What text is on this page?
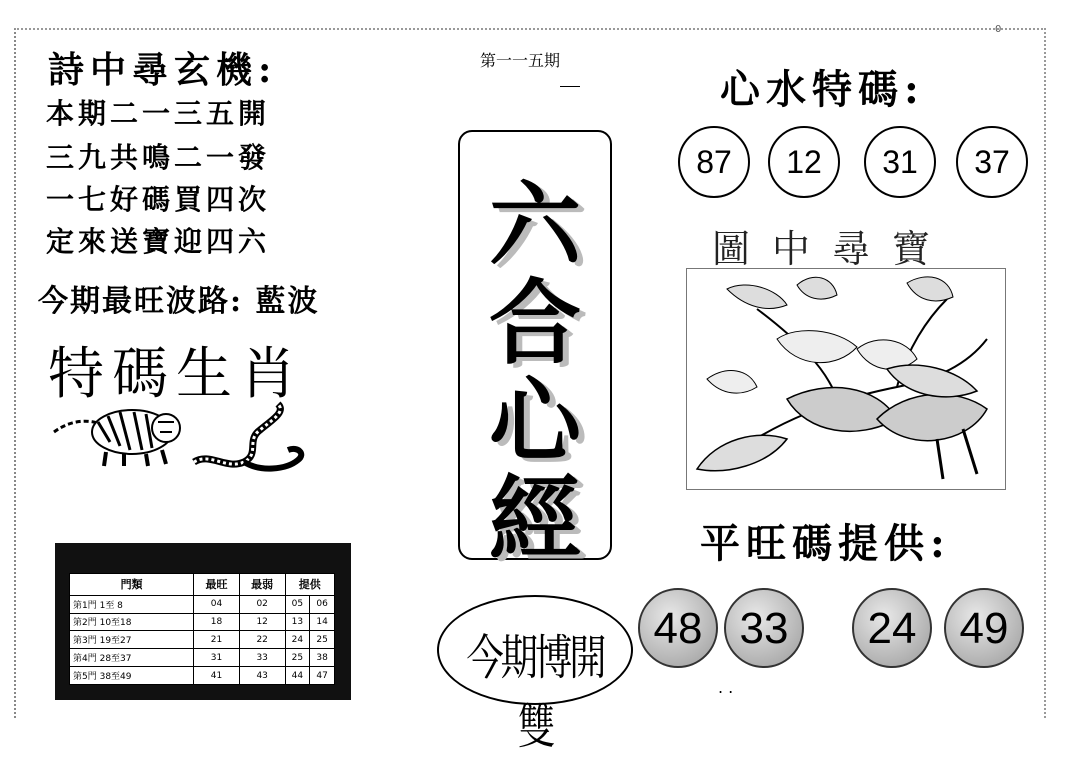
0
第一一五期
詩中尋玄機:
本期二一三五開
三九共鳴二一發
一七好碼買四次
定來送寶迎四六
今期最旺波路: 藍波
特碼生肖
門類	最旺	最弱	提供	
第1門 1至 8	04	02	05	06
第2門 10至18	18	12	13	14
第3門 19至27	21	22	24	25
第4門 28至37	31	33	25	38
第5門 38至49	41	43	44	47
六
合
心
經
今期博開雙
心水特碼:
87	12	31	37
圖中尋寶
平旺碼提供:
48 33	24 49
. .
